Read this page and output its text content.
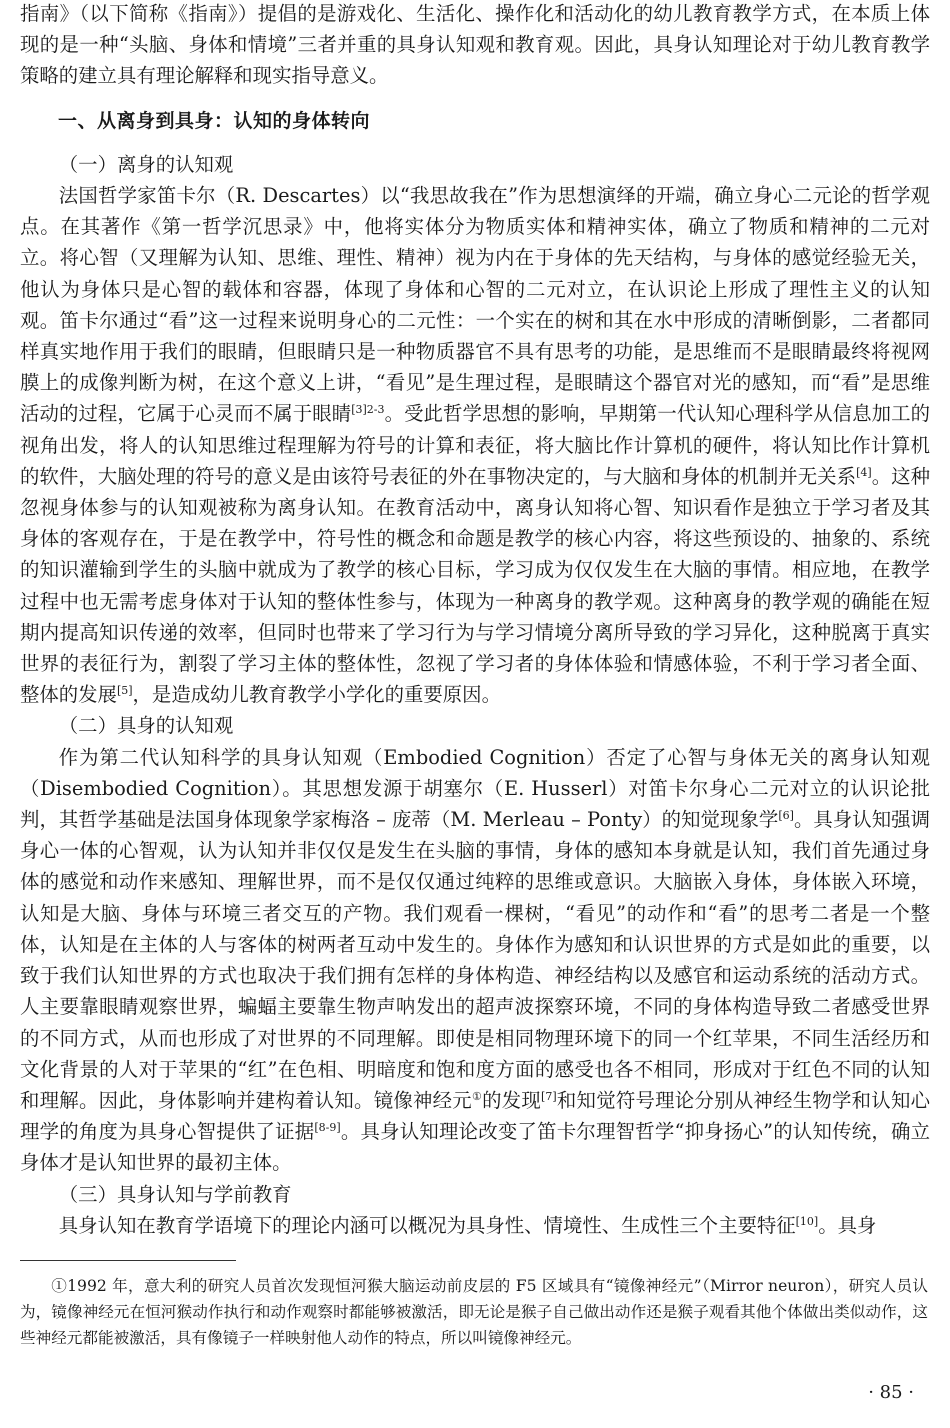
指南》（以下简称《指南》）提倡的是游戏化、生活化、操作化和活动化的幼儿教育教学方式，在本质上体现的是一种“头脑、身体和情境”三者并重的具身认知观和教育观。因此，具身认知理论对于幼儿教育教学策略的建立具有理论解释和现实指导意义。

一、从离身到具身：认知的身体转向

（一）离身的认知观

法国哲学家笛卡尔（R. Descartes）以“我思故我在”作为思想演绎的开端，确立身心二元论的哲学观点。在其著作《第一哲学沉思录》中，他将实体分为物质实体和精神实体，确立了物质和精神的二元对立。将心智（又理解为认知、思维、理性、精神）视为内在于身体的先天结构，与身体的感觉经验无关，他认为身体只是心智的载体和容器，体现了身体和心智的二元对立，在认识论上形成了理性主义的认知观。笛卡尔通过“看”这一过程来说明身心的二元性：一个实在的树和其在水中形成的清晰倒影，二者都同样真实地作用于我们的眼睛，但眼睛只是一种物质器官不具有思考的功能，是思维而不是眼睛最终将视网膜上的成像判断为树，在这个意义上讲，“看见”是生理过程，是眼睛这个器官对光的感知，而“看”是思维活动的过程，它属于心灵而不属于眼睛$^{[3]2-3}$。受此哲学思想的影响，早期第一代认知心理科学从信息加工的视角出发，将人的认知思维过程理解为符号的计算和表征，将大脑比作计算机的硬件，将认知比作计算机的软件，大脑处理的符号的意义是由该符号表征的外在事物决定的，与大脑和身体的机制并无关系[4]。这种忽视身体参与的认知观被称为离身认知。在教育活动中，离身认知将心智、知识看作是独立于学习者及其身体的客观存在，于是在教学中，符号性的概念和命题是教学的核心内容，将这些预设的、抽象的、系统的知识灌输到学生的头脑中就成为了教学的核心目标，学习成为仅仅发生在大脑的事情。相应地，在教学过程中也无需考虑身体对于认知的整体性参与，体现为一种离身的教学观。这种离身的教学观的确能在短期内提高知识传递的效率，但同时也带来了学习行为与学习情境分离所导致的学习异化，这种脱离于真实世界的表征行为，割裂了学习主体的整体性，忽视了学习者的身体体验和情感体验，不利于学习者全面、整体的发展[5]，是造成幼儿教育教学小学化的重要原因。

（二）具身的认知观

作为第二代认知科学的具身认知观（Embodied Cognition）否定了心智与身体无关的离身认知观（Disembodied Cognition）。其思想发源于胡塞尔（E. Husserl）对笛卡尔身心二元对立的认识论批判，其哲学基础是法国身体现象学家梅洛 – 庞蒂（M. Merleau – Ponty）的知觉现象学[6]。具身认知强调身心一体的心智观，认为认知并非仅仅是发生在头脑的事情，身体的感知本身就是认知，我们首先通过身体的感觉和动作来感知、理解世界，而不是仅仅通过纯粹的思维或意识。大脑嵌入身体，身体嵌入环境，认知是大脑、身体与环境三者交互的产物。我们观看一棵树，“看见”的动作和“看”的思考二者是一个整体，认知是在主体的人与客体的树两者互动中发生的。身体作为感知和认识世界的方式是如此的重要，以致于我们认知世界的方式也取决于我们拥有怎样的身体构造、神经结构以及感官和运动系统的活动方式。人主要靠眼睛观察世界，蝙蝠主要靠生物声呐发出的超声波探察环境，不同的身体构造导致二者感受世界的不同方式，从而也形成了对世界的不同理解。即使是相同物理环境下的同一个红苹果，不同生活经历和文化背景的人对于苹果的“红”在色相、明暗度和饱和度方面的感受也各不相同，形成对于红色不同的认知和理解。因此，身体影响并建构着认知。镜像神经元①的发现[7]和知觉符号理论分别从神经生物学和认知心理学的角度为具身心智提供了证据[8-9]。具身认知理论改变了笛卡尔理智哲学“抑身扬心”的认知传统，确立身体才是认知世界的最初主体。

（三）具身认知与学前教育

具身认知在教育学语境下的理论内涵可以概况为具身性、情境性、生成性三个主要特征[10]。具身

①1992 年，意大利的研究人员首次发现恒河猴大脑运动前皮层的 F5 区域具有“镜像神经元”（Mirror neuron），研究人员认为，镜像神经元在恒河猴动作执行和动作观察时都能够被激活，即无论是猴子自己做出动作还是猴子观看其他个体做出类似动作，这些神经元都能被激活，具有像镜子一样映射他人动作的特点，所以叫镜像神经元。

· 85 ·
